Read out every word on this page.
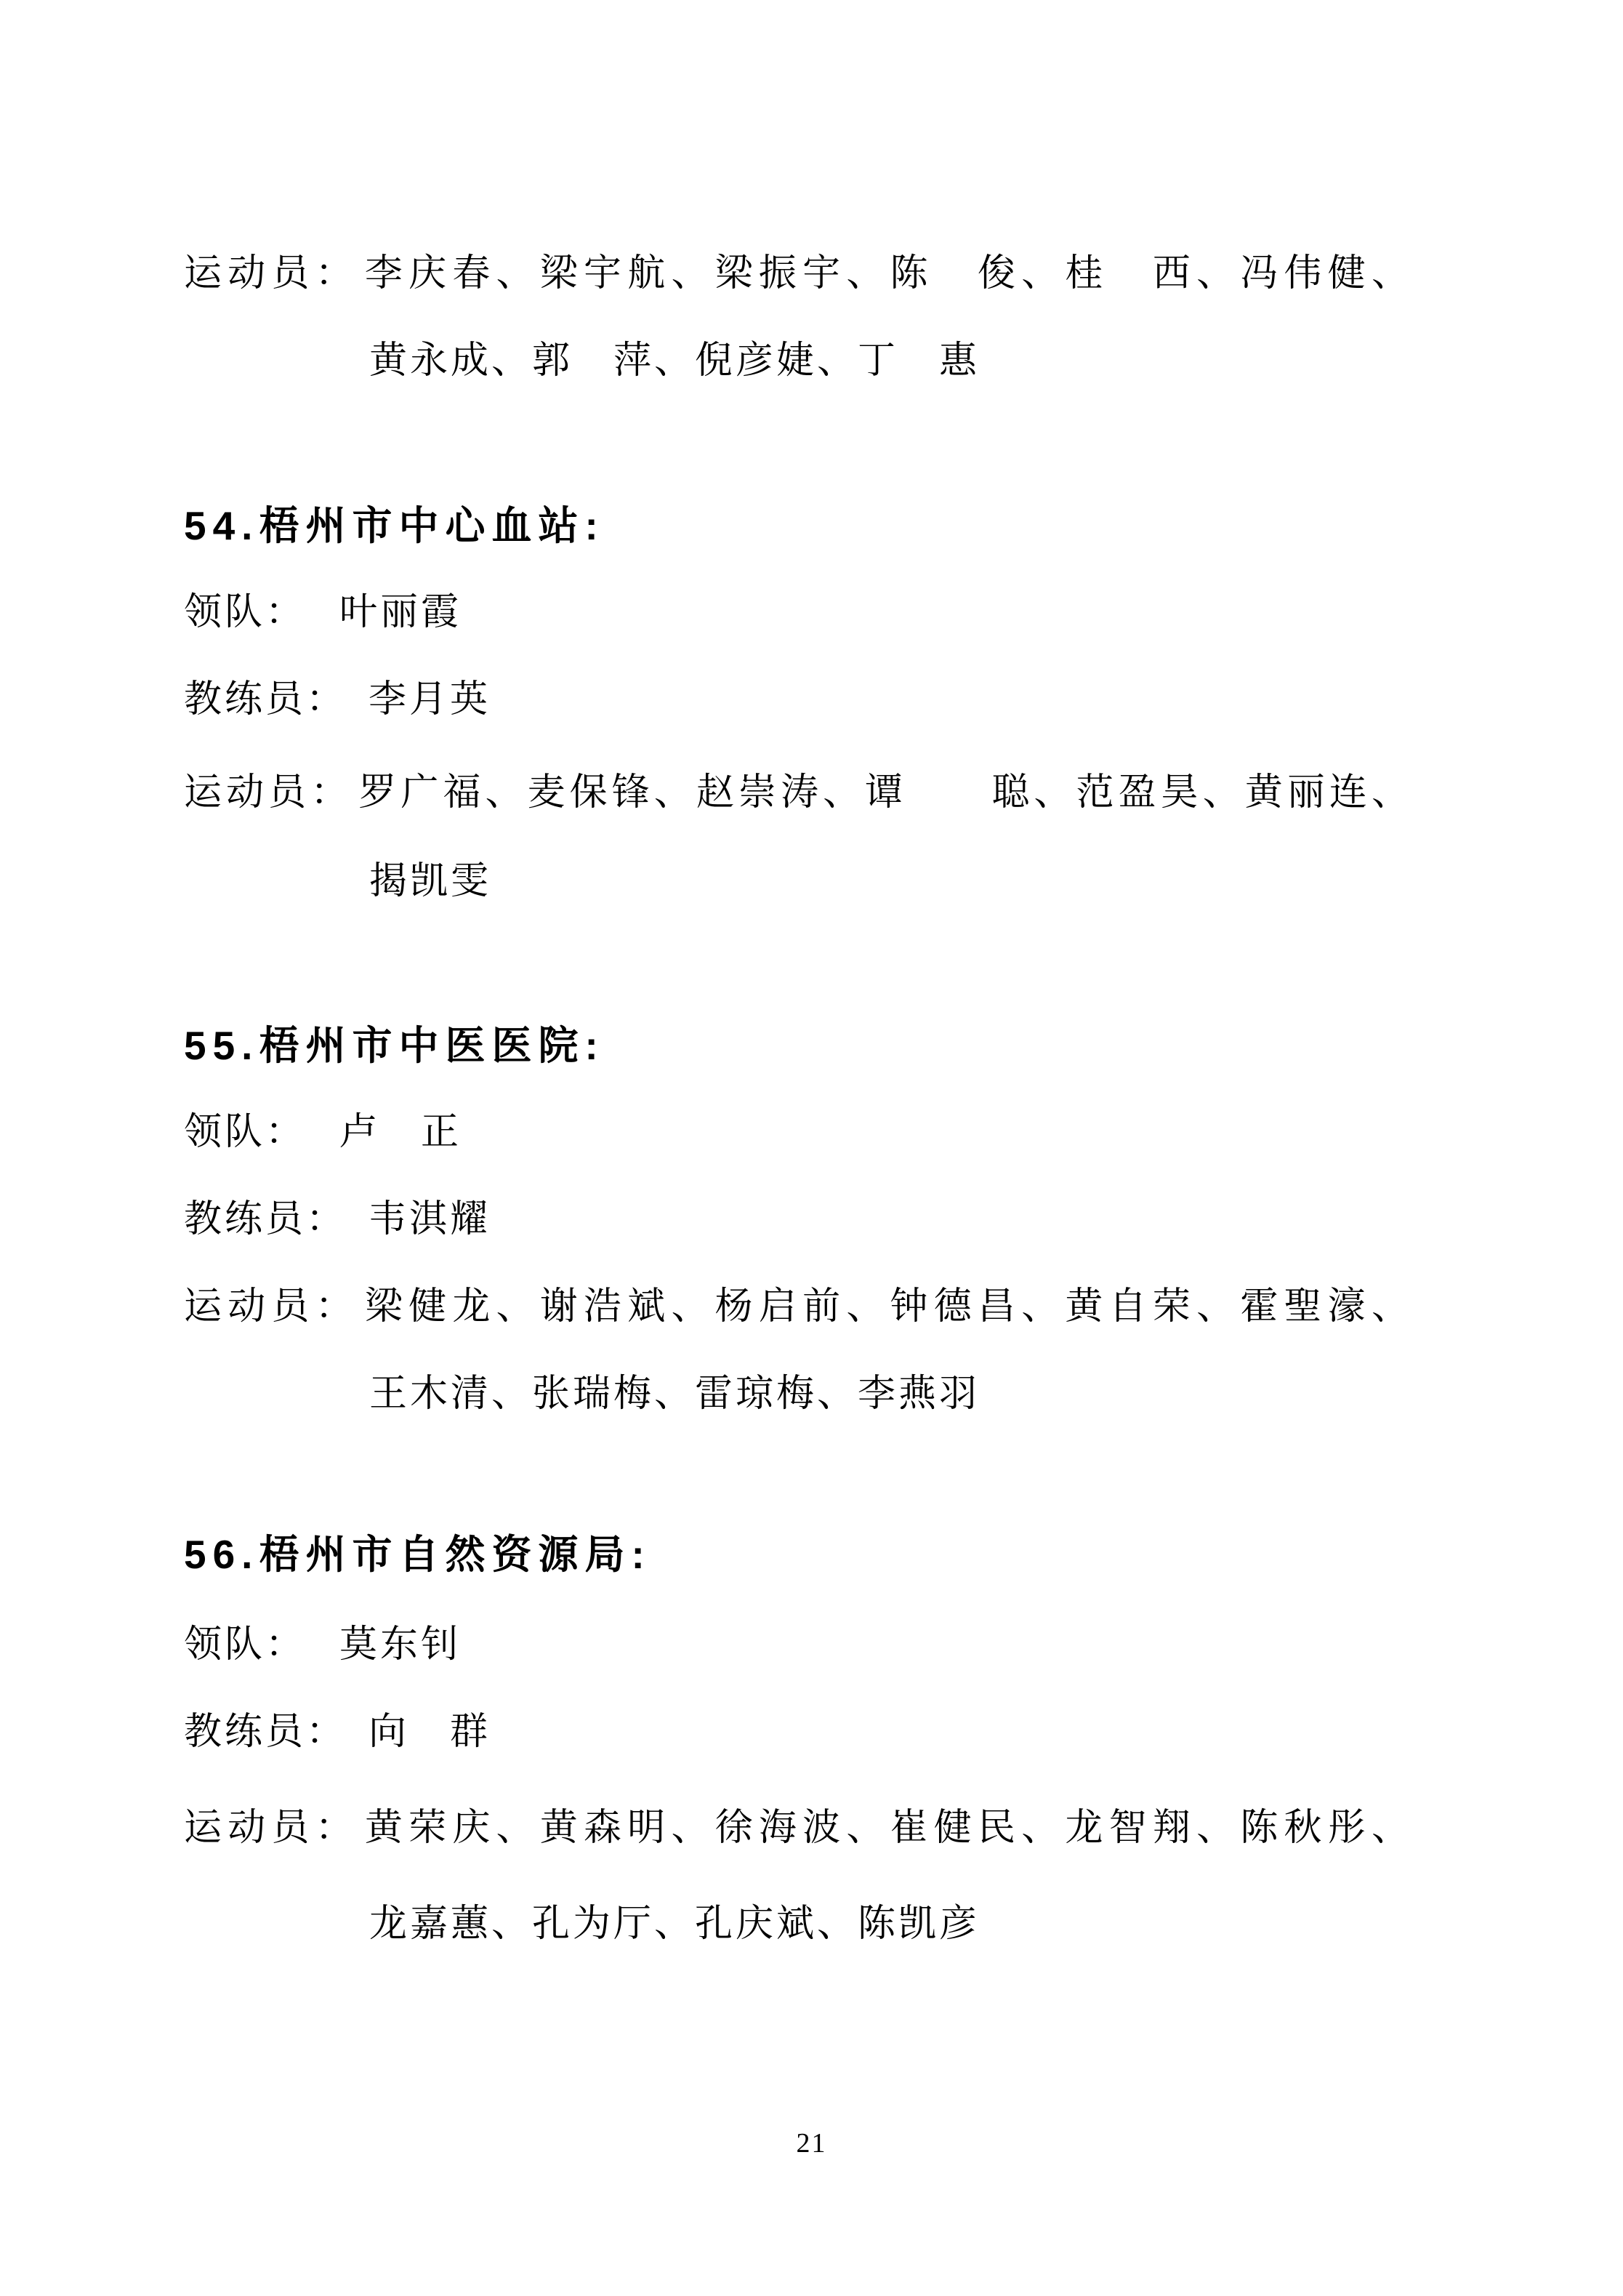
运动员： 李庆春、梁宇航、梁振宇、陈　俊、桂　西、冯伟健、
黄永成、郭　萍、倪彦婕、丁　惠
54.梧州市中心血站:
领队： 叶丽霞
教练员： 李月英
运动员： 罗广福、麦保锋、赵崇涛、谭　　聪、范盈昊、黄丽连、
揭凯雯
55.梧州市中医医院:
领队： 卢　正
教练员： 韦淇耀
运动员： 梁健龙、谢浩斌、杨启前、钟德昌、黄自荣、霍聖濠、
王木清、张瑞梅、雷琼梅、李燕羽
56.梧州市自然资源局:
领队： 莫东钊
教练员： 向　群
运动员： 黄荣庆、黄森明、徐海波、崔健民、龙智翔、陈秋彤、
龙嘉蕙、孔为厅、孔庆斌、陈凯彦
21
